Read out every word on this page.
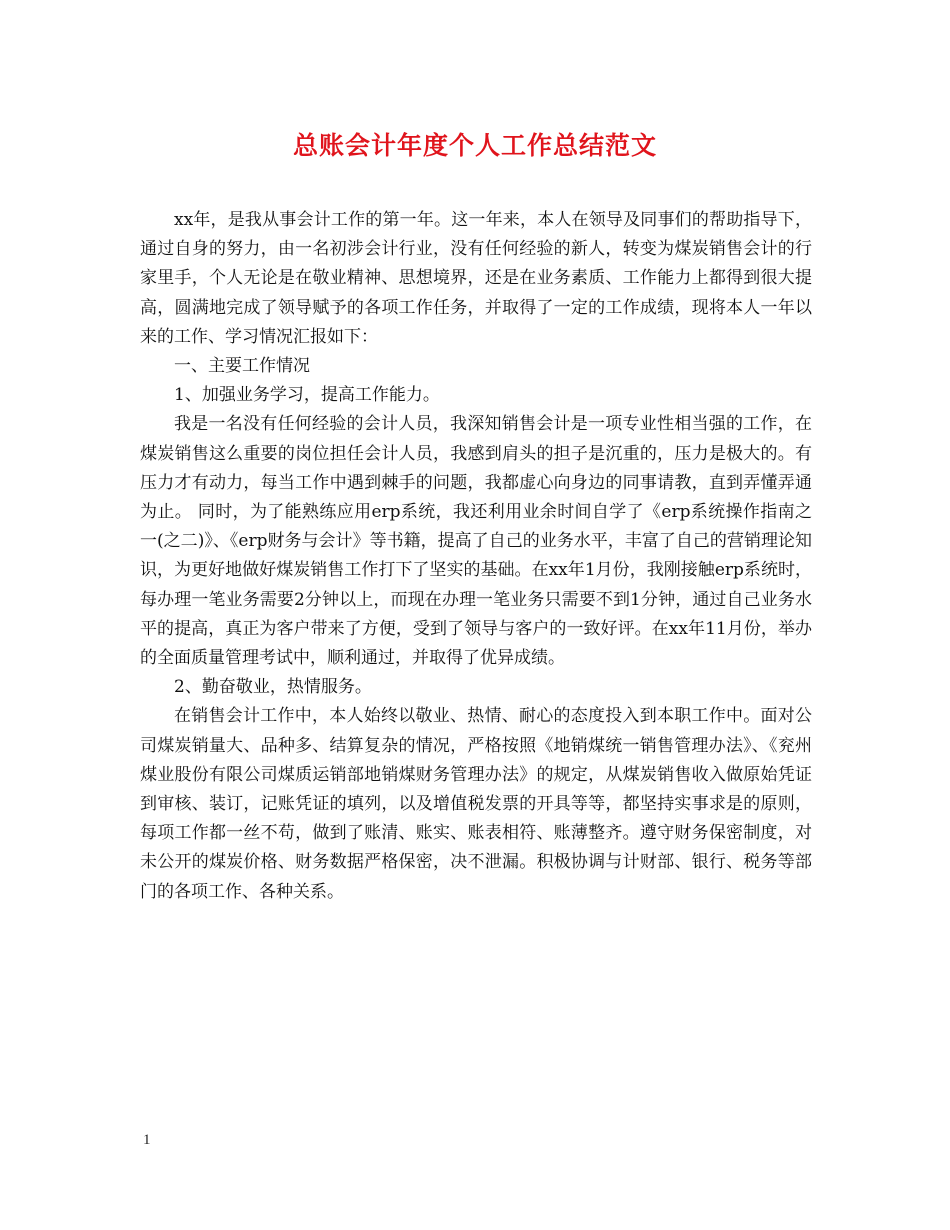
总账会计年度个人工作总结范文

xx年，是我从事会计工作的第一年。这一年来，本人在领导及同事们的帮助指导下，通过自身的努力，由一名初涉会计行业，没有任何经验的新人，转变为煤炭销售会计的行家里手，个人无论是在敬业精神、思想境界，还是在业务素质、工作能力上都得到很大提高，圆满地完成了领导赋予的各项工作任务，并取得了一定的工作成绩，现将本人一年以来的工作、学习情况汇报如下：

一、主要工作情况

1、加强业务学习，提高工作能力。

我是一名没有任何经验的会计人员，我深知销售会计是一项专业性相当强的工作，在煤炭销售这么重要的岗位担任会计人员，我感到肩头的担子是沉重的，压力是极大的。有压力才有动力，每当工作中遇到棘手的问题，我都虚心向身边的同事请教，直到弄懂弄通为止。 同时，为了能熟练应用erp系统，我还利用业余时间自学了《erp系统操作指南之一(之二)》、《erp财务与会计》等书籍，提高了自己的业务水平，丰富了自己的营销理论知识，为更好地做好煤炭销售工作打下了坚实的基础。在xx年1月份，我刚接触erp系统时，每办理一笔业务需要2分钟以上，而现在办理一笔业务只需要不到1分钟，通过自己业务水平的提高，真正为客户带来了方便，受到了领导与客户的一致好评。在xx年11月份，举办的全面质量管理考试中，顺利通过，并取得了优异成绩。

2、勤奋敬业，热情服务。

在销售会计工作中，本人始终以敬业、热情、耐心的态度投入到本职工作中。面对公司煤炭销量大、品种多、结算复杂的情况，严格按照《地销煤统一销售管理办法》、《兖州煤业股份有限公司煤质运销部地销煤财务管理办法》的规定，从煤炭销售收入做原始凭证到审核、装订，记账凭证的填列，以及增值税发票的开具等等，都坚持实事求是的原则，每项工作都一丝不苟，做到了账清、账实、账表相符、账薄整齐。遵守财务保密制度，对未公开的煤炭价格、财务数据严格保密，决不泄漏。积极协调与计财部、银行、税务等部门的各项工作、各种关系。

1
